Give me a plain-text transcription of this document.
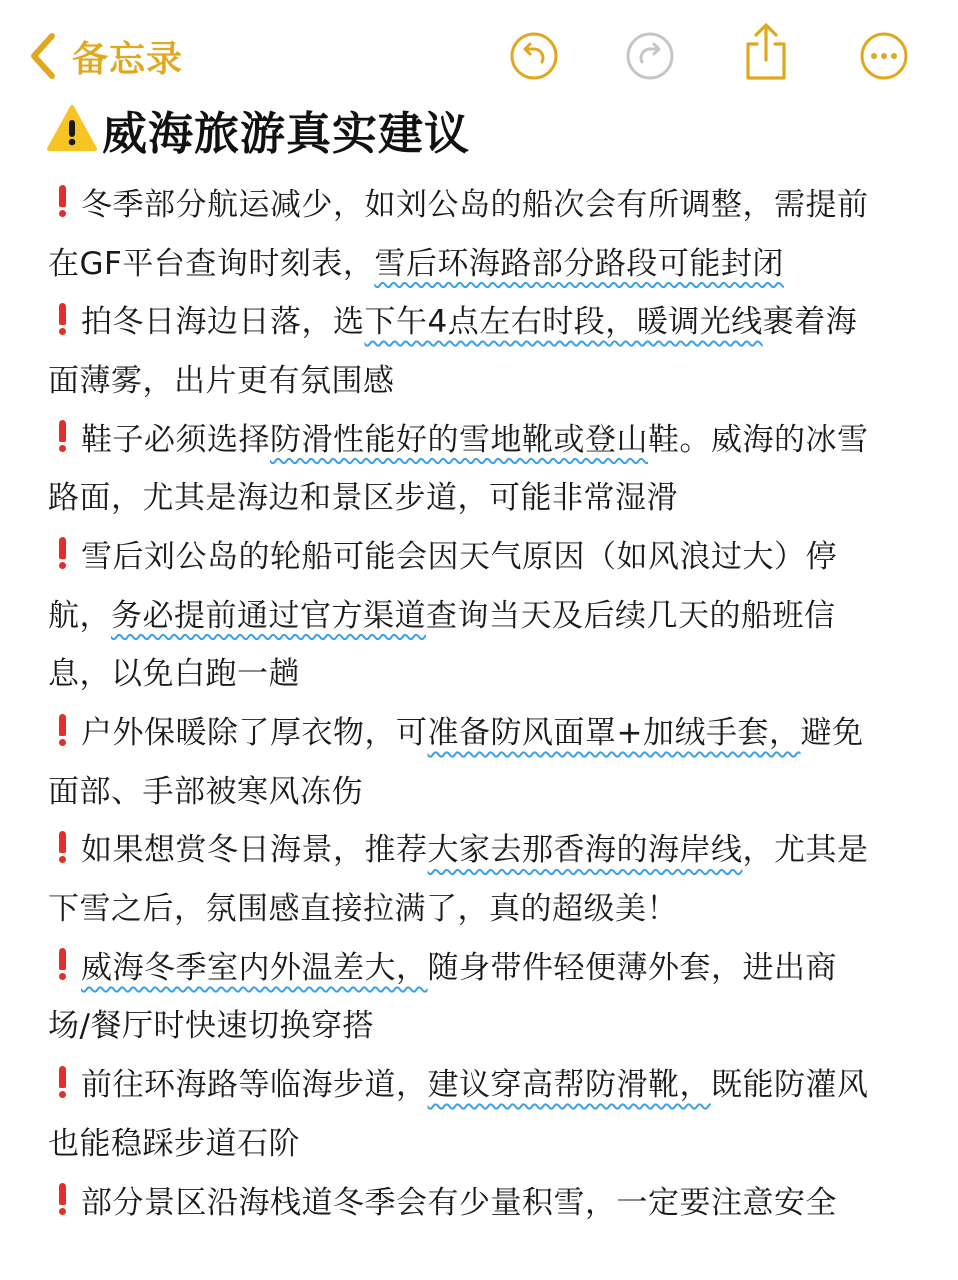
备忘录
威海旅游真实建议
冬季部分航运减少，如刘公岛的船次会有所调整，需提前
在GF平台查询时刻表， 雪后环海路部分路段可能封闭
拍冬日海边日落，选 下午4点左右时段，暖调光线 裹着海
面薄雾，出片更有氛围感
鞋子必须选择 防滑性能好的雪地靴或登山 鞋。威海的冰雪
路面，尤其是海边和景区步道，可能非常湿滑
雪后刘公岛的轮船可能会因天气原因（如风浪过大）停
航， 务必提前通过官方渠道 查询当天及后续几天的船班信
息，以免白跑一趟
户外保暖除了厚衣物，可 准备防风面罩+加绒手套， 避免
面部、手部被寒风冻伤
如果想赏冬日海景，推荐 大家去那香海的海岸线 ，尤其是
下雪之后，氛围感直接拉满了，真的超级美！
威海冬季室内外温差大， 随身带件轻便薄外套，进出商
场/餐厅时快速切换穿搭
前往环海路等临海步道， 建议穿高帮防滑靴， 既能防灌风
也能稳踩步道石阶
部分景区沿海栈道冬季会有少量积雪，一定要注意安全
